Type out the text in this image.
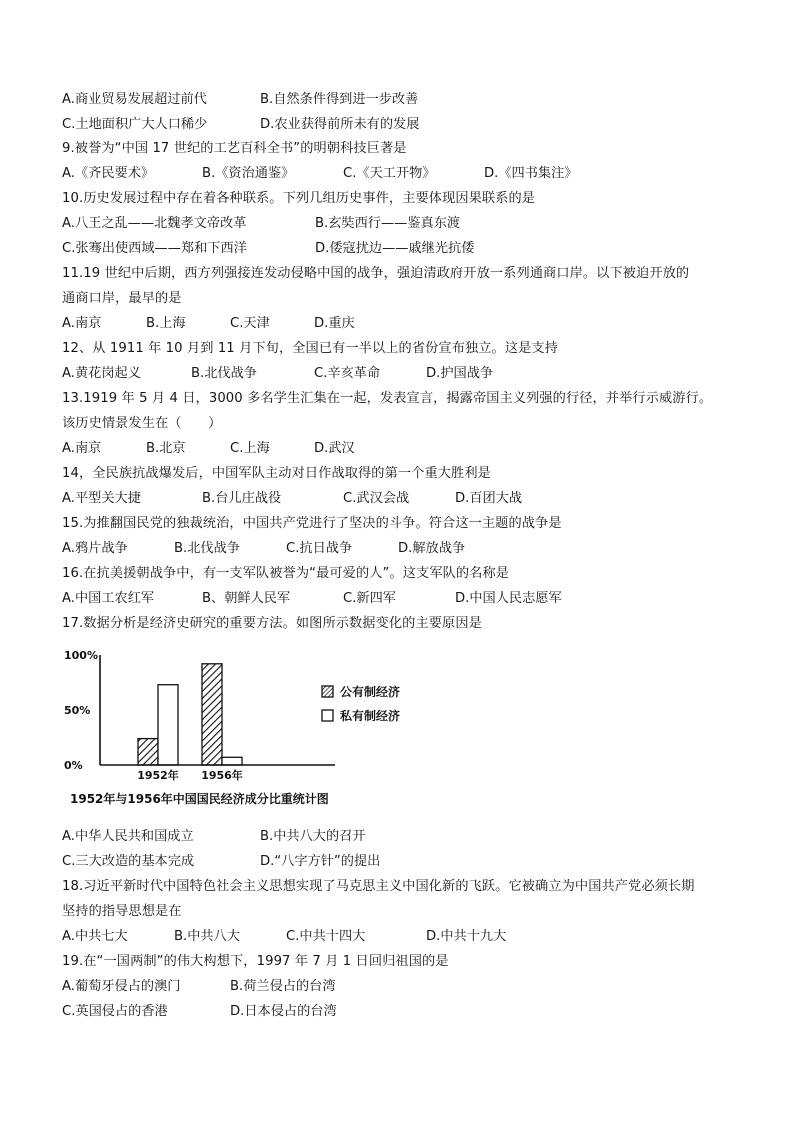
A.商业贸易发展超过前代	B.自然条件得到进一步改善
C.土地面积广大人口稀少	D.农业获得前所未有的发展
9.被誉为“中国 17 世纪的工艺百科全书”的明朝科技巨著是
A.《齐民要术》	B.《资治通鉴》	C.《天工开物》	D.《四书集注》
10.历史发展过程中存在着各种联系。下列几组历史事件，主要体现因果联系的是
A.八王之乱——北魏孝文帝改革	B.玄奘西行——鉴真东渡
C.张骞出使西域——郑和下西洋	D.倭寇扰边——戚继光抗倭
11.19 世纪中后期，西方列强接连发动侵略中国的战争，强迫清政府开放一系列通商口岸。以下被迫开放的
通商口岸，最早的是
A.南京	B.上海	C.天津	D.重庆
12、从 1911 年 10 月到 11 月下旬，全国已有一半以上的省份宣布独立。这是支持
A.黄花岗起义	B.北伐战争	C.辛亥革命	D.护国战争
13.1919 年 5 月 4 日，3000 多名学生汇集在一起，发表宣言，揭露帝国主义列强的行径，并举行示威游行。
该历史情景发生在（　　）
A.南京	B.北京	C.上海	D.武汉
14，全民族抗战爆发后，中国军队主动对日作战取得的第一个重大胜利是
A.平型关大捷	B.台儿庄战役	C.武汉会战	D.百团大战
15.为推翻国民党的独裁统治，中国共产党进行了坚决的斗争。符合这一主题的战争是
A.鸦片战争	B.北伐战争	C.抗日战争	D.解放战争
16.在抗美援朝战争中，有一支军队被誉为“最可爱的人”。这支军队的名称是
A.中国工农红军	B、朝鲜人民军	C.新四军	D.中国人民志愿军
17.数据分析是经济史研究的重要方法。如图所示数据变化的主要原因是
0%
50%
100%
1952年 1956年
公有制经济
私有制经济
1952年与1956年中国国民经济成分比重统计图
A.中华人民共和国成立	B.中共八大的召开
C.三大改造的基本完成	D.“八字方针”的提出
18.习近平新时代中国特色社会主义思想实现了马克思主义中国化新的飞跃。它被确立为中国共产党必须长期
坚持的指导思想是在
A.中共七大	B.中共八大	C.中共十四大	D.中共十九大
19.在“一国两制”的伟大构想下，1997 年 7 月 1 日回归祖国的是
A.葡萄牙侵占的澳门	B.荷兰侵占的台湾
C.英国侵占的香港	D.日本侵占的台湾
